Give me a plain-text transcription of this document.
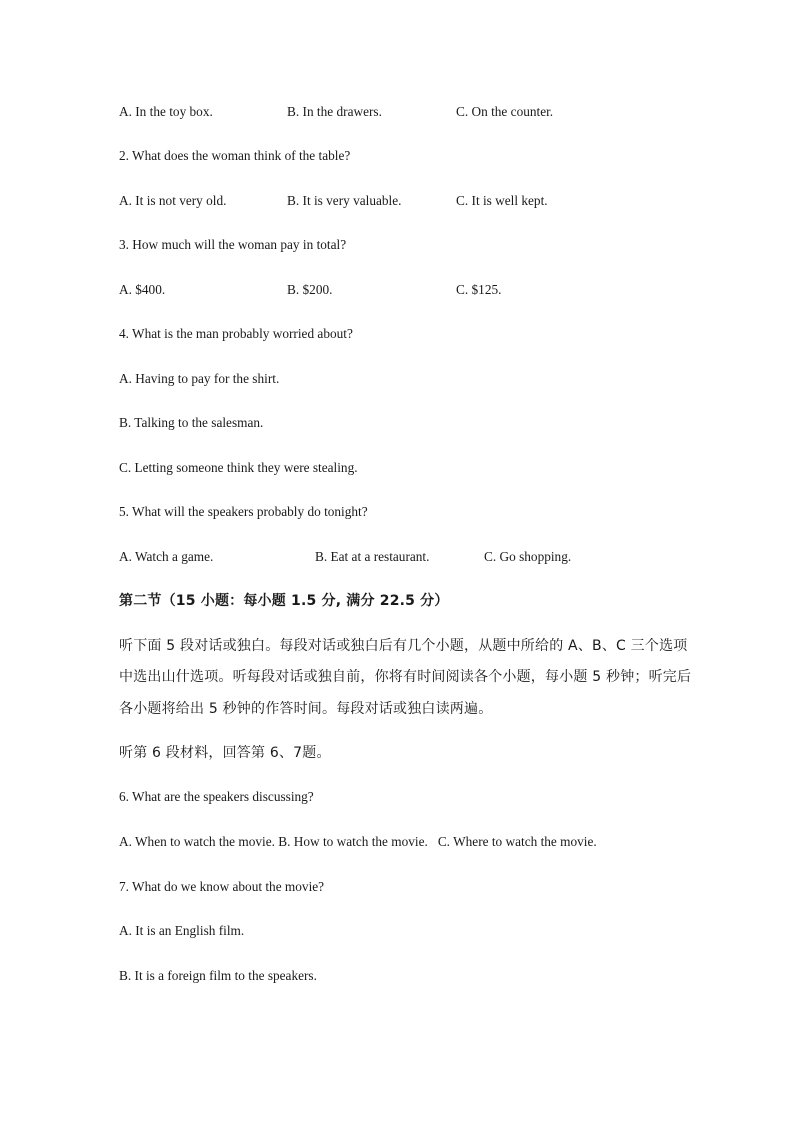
A. In the toy box.	B. In the drawers.	C. On the counter.
2. What does the woman think of the table?
A. It is not very old.	B. It is very valuable.	C. It is well kept.
3. How much will the woman pay in total?
A. $400.	B. $200.	C. $125.
4. What is the man probably worried about?
A. Having to pay for the shirt.
B. Talking to the salesman.
C. Letting someone think they were stealing.
5. What will the speakers probably do tonight?
A. Watch a game.	B. Eat at a restaurant.	C. Go shopping.
第二节（15 小题：每小题 1.5 分, 满分 22.5 分）
听下面 5 段对话或独白。每段对话或独白后有几个小题，从题中所给的 A、B、C 三个选项
中选出山什选项。听每段对话或独自前，你将有时间阅读各个小题，每小题 5 秒钟；听完后
各小题将给出 5 秒钟的作答时间。每段对话或独白读两遍。
听第 6 段材料，回答第 6、7题。
6. What are the speakers discussing?
A. When to watch the movie. B. How to watch the movie.   C. Where to watch the movie.
7. What do we know about the movie?
A. It is an English film.
B. It is a foreign film to the speakers.
